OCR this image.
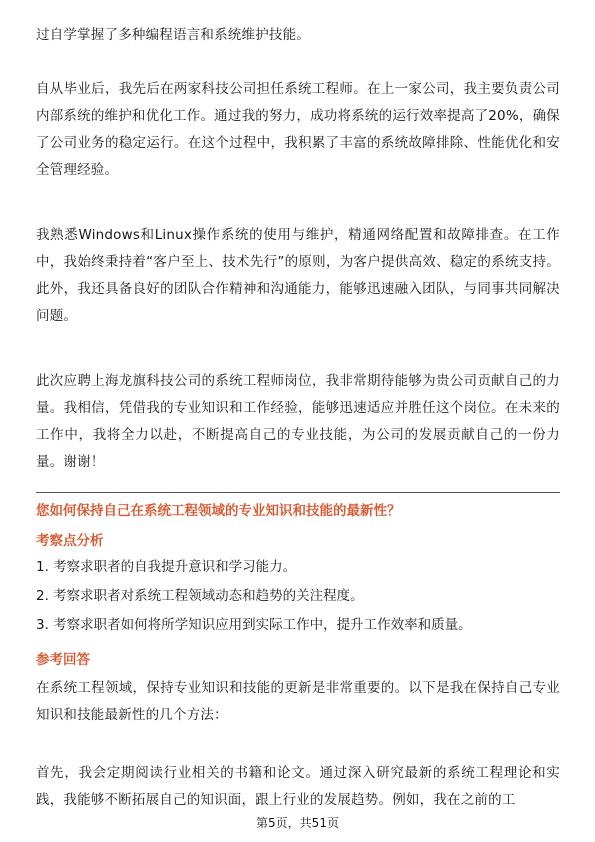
过自学掌握了多种编程语言和系统维护技能。

自从毕业后，我先后在两家科技公司担任系统工程师。在上一家公司，我主要负责公司内部系统的维护和优化工作。通过我的努力，成功将系统的运行效率提高了20%，确保了公司业务的稳定运行。在这个过程中，我积累了丰富的系统故障排除、性能优化和安全管理经验。

我熟悉Windows和Linux操作系统的使用与维护，精通网络配置和故障排查。在工作中，我始终秉持着“客户至上、技术先行”的原则，为客户提供高效、稳定的系统支持。此外，我还具备良好的团队合作精神和沟通能力，能够迅速融入团队，与同事共同解决问题。

此次应聘上海龙旗科技公司的系统工程师岗位，我非常期待能够为贵公司贡献自己的力量。我相信，凭借我的专业知识和工作经验，能够迅速适应并胜任这个岗位。在未来的工作中，我将全力以赴，不断提高自己的专业技能，为公司的发展贡献自己的一份力量。谢谢！

您如何保持自己在系统工程领域的专业知识和技能的最新性？

考察点分析

1. 考察求职者的自我提升意识和学习能力。

2. 考察求职者对系统工程领域动态和趋势的关注程度。

3. 考察求职者如何将所学知识应用到实际工作中，提升工作效率和质量。

参考回答

在系统工程领域，保持专业知识和技能的更新是非常重要的。以下是我在保持自己专业知识和技能最新性的几个方法：

首先，我会定期阅读行业相关的书籍和论文。通过深入研究最新的系统工程理论和实践，我能够不断拓展自己的知识面，跟上行业的发展趋势。例如，我在之前的工

第5页，共51页
